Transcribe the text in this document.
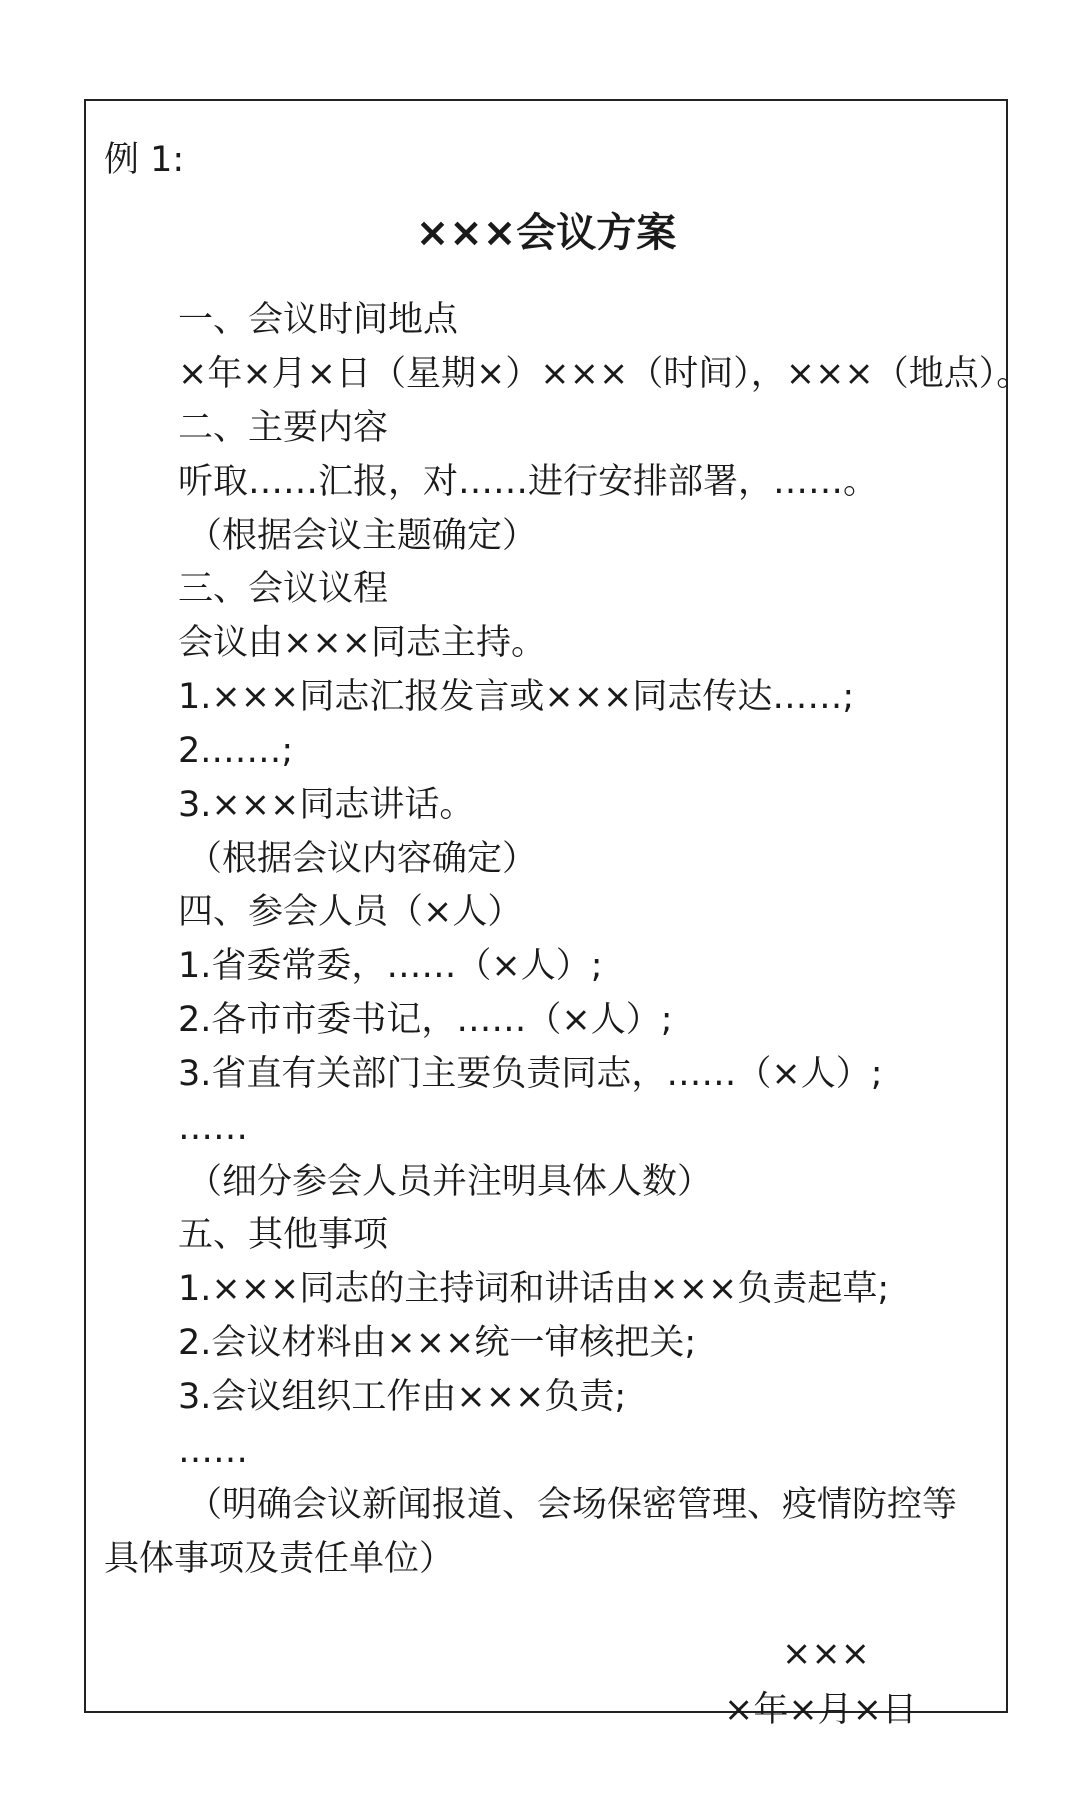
例 1:

×××会议方案

一、会议时间地点

×年×月×日（星期×）×××（时间），×××（地点）。

二、主要内容

听取……汇报，对……进行安排部署，……。

（根据会议主题确定）

三、会议议程

会议由×××同志主持。

1.×××同志汇报发言或×××同志传达……;

2.……;

3.×××同志讲话。

（根据会议内容确定）

四、参会人员（×人）

1.省委常委，……（×人）;

2.各市市委书记，……（×人）;

3.省直有关部门主要负责同志，……（×人）;

……

（细分参会人员并注明具体人数）

五、其他事项

1.×××同志的主持词和讲话由×××负责起草;

2.会议材料由×××统一审核把关;

3.会议组织工作由×××负责;

……

（明确会议新闻报道、会场保密管理、疫情防控等

具体事项及责任单位）

×××

×年×月×日
